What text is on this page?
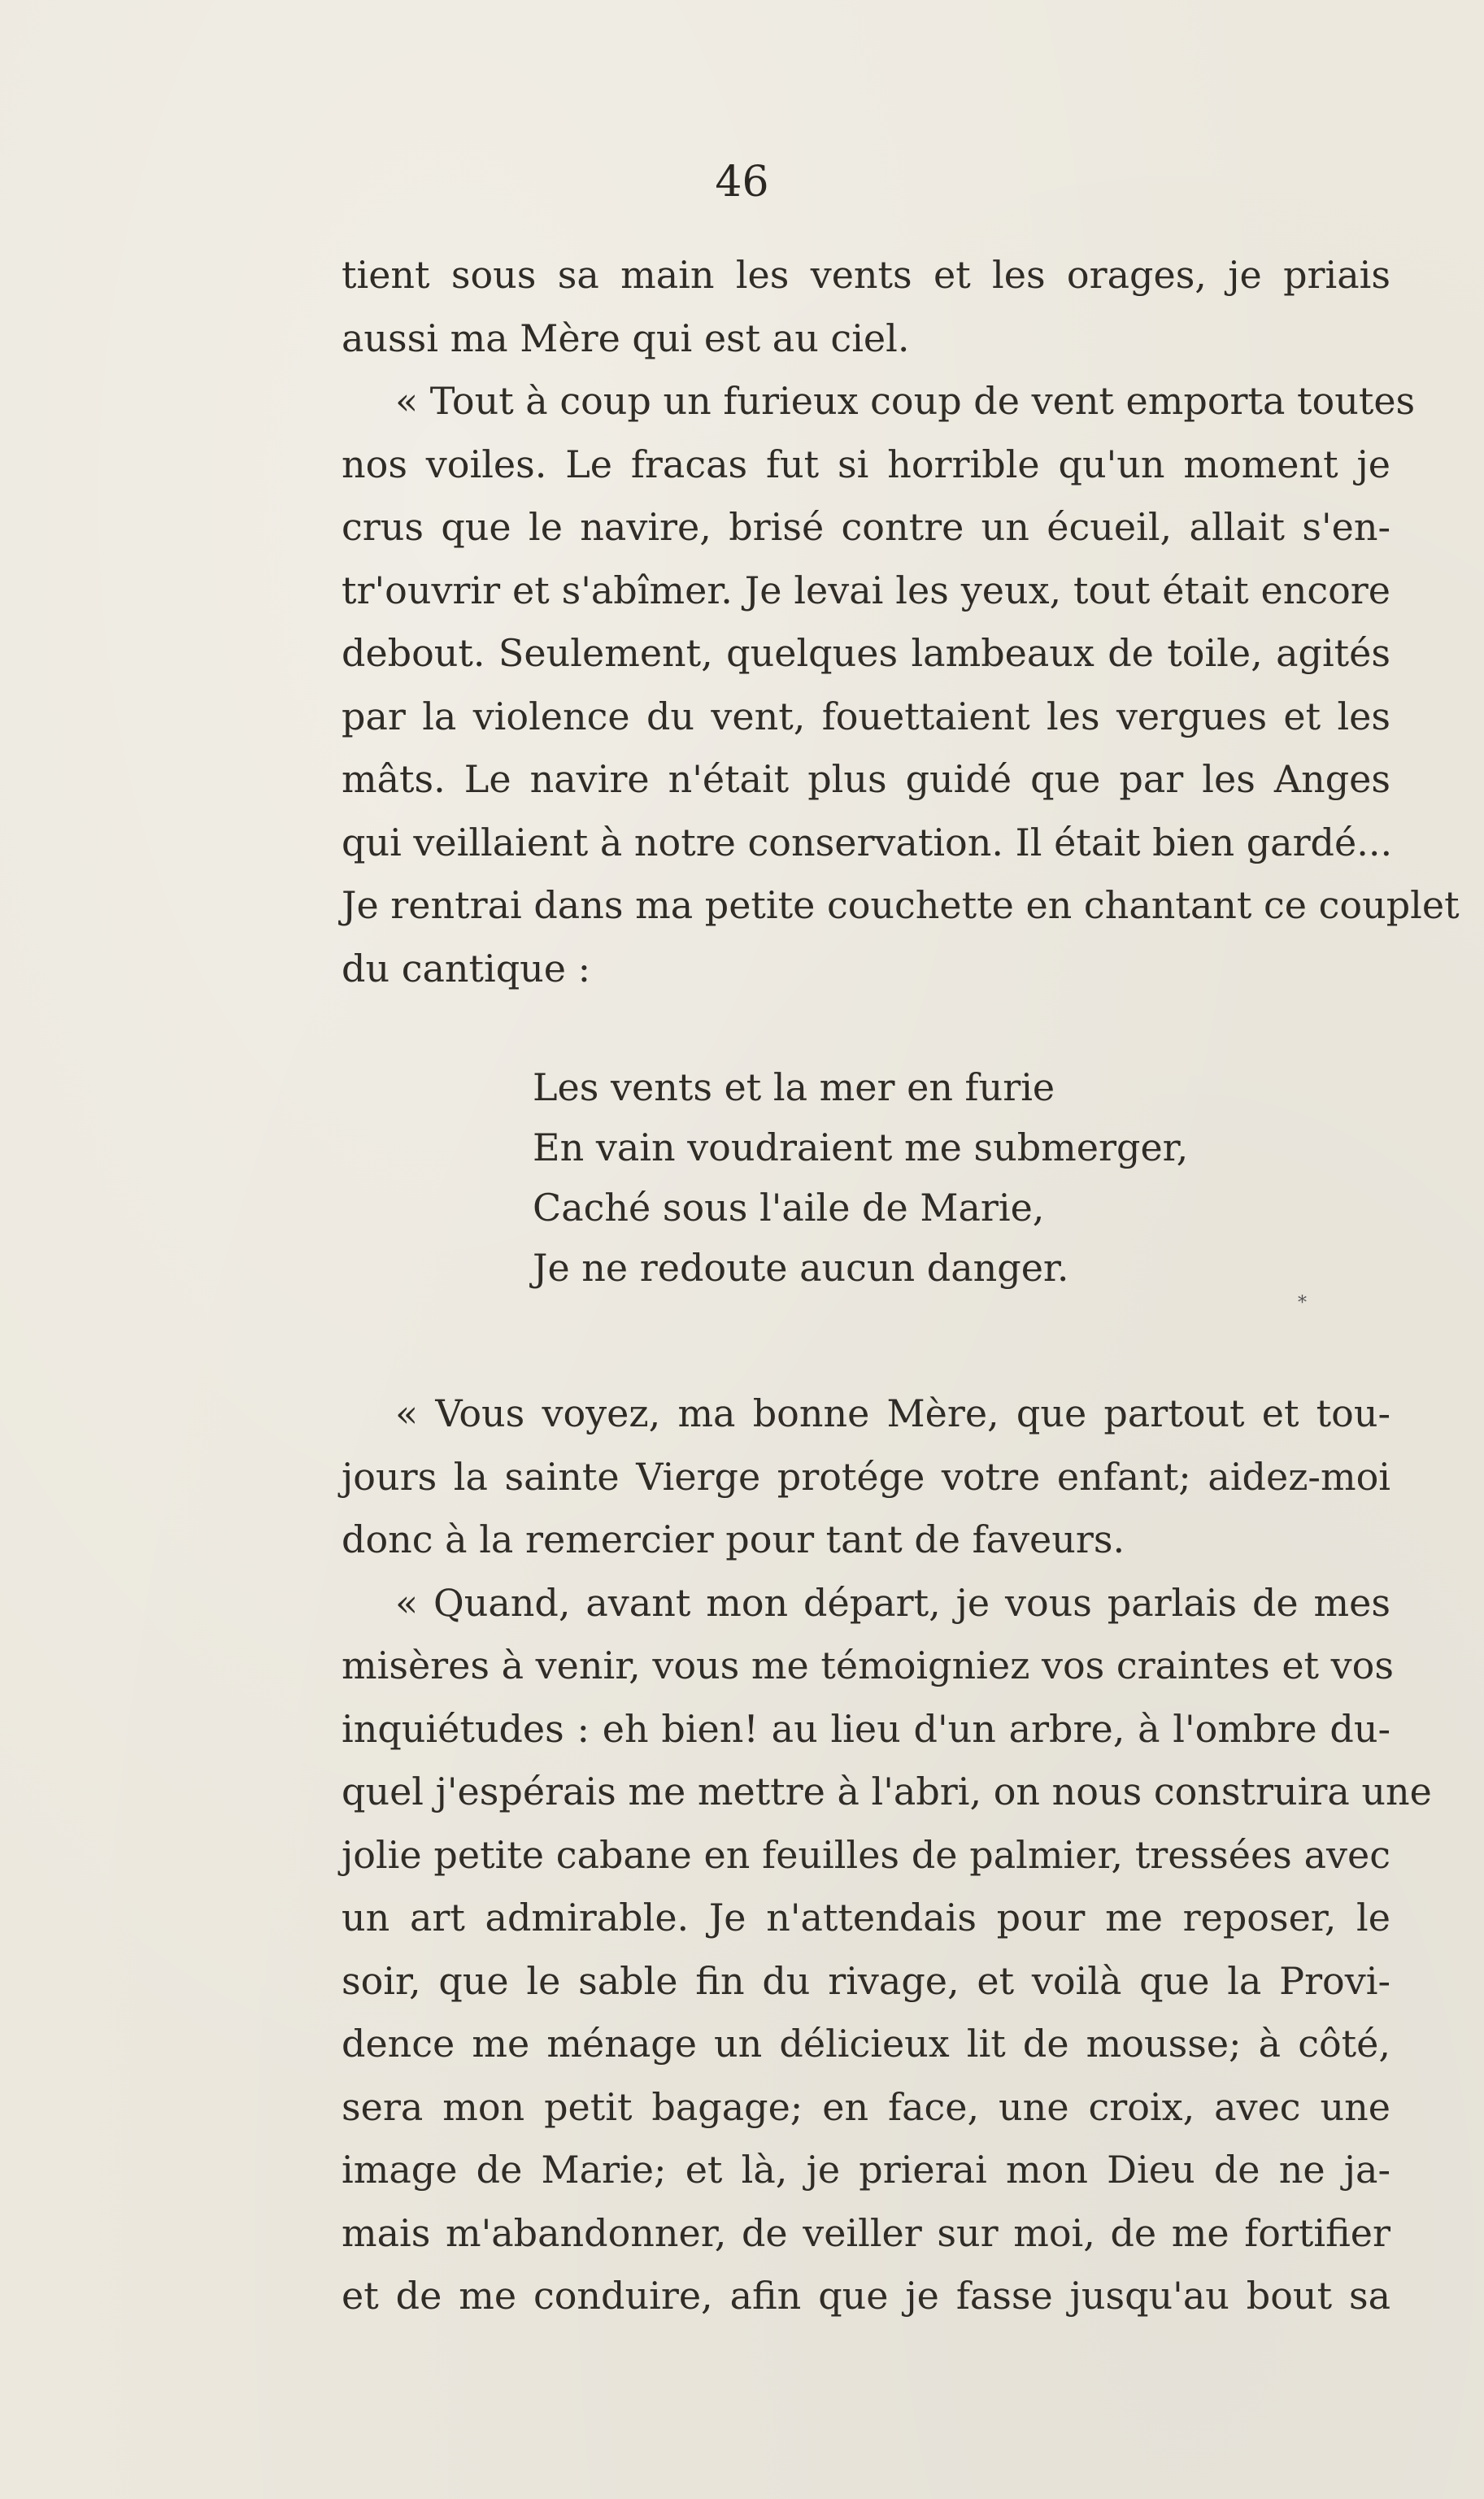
46

tient sous sa main les vents et les orages, je priais
aussi ma Mère qui est au ciel.

« Tout à coup un furieux coup de vent emporta toutes
nos voiles. Le fracas fut si horrible qu'un moment je
crus que le navire, brisé contre un écueil, allait s'en-
tr'ouvrir et s'abîmer. Je levai les yeux, tout était encore
debout. Seulement, quelques lambeaux de toile, agités
par la violence du vent, fouettaient les vergues et les
mâts. Le navire n'était plus guidé que par les Anges
qui veillaient à notre conservation. Il était bien gardé...
Je rentrai dans ma petite couchette en chantant ce couplet
du cantique :

Les vents et la mer en furie
En vain voudraient me submerger,
Caché sous l'aile de Marie,
Je ne redoute aucun danger.
*

« Vous voyez, ma bonne Mère, que partout et tou-
jours la sainte Vierge protége votre enfant; aidez-moi
donc à la remercier pour tant de faveurs.

« Quand, avant mon départ, je vous parlais de mes
misères à venir, vous me témoigniez vos craintes et vos
inquiétudes : eh bien! au lieu d'un arbre, à l'ombre du-
quel j'espérais me mettre à l'abri, on nous construira une
jolie petite cabane en feuilles de palmier, tressées avec
un art admirable. Je n'attendais pour me reposer, le
soir, que le sable fin du rivage, et voilà que la Provi-
dence me ménage un délicieux lit de mousse; à côté,
sera mon petit bagage; en face, une croix, avec une
image de Marie; et là, je prierai mon Dieu de ne ja-
mais m'abandonner, de veiller sur moi, de me fortifier
et de me conduire, afin que je fasse jusqu'au bout sa
